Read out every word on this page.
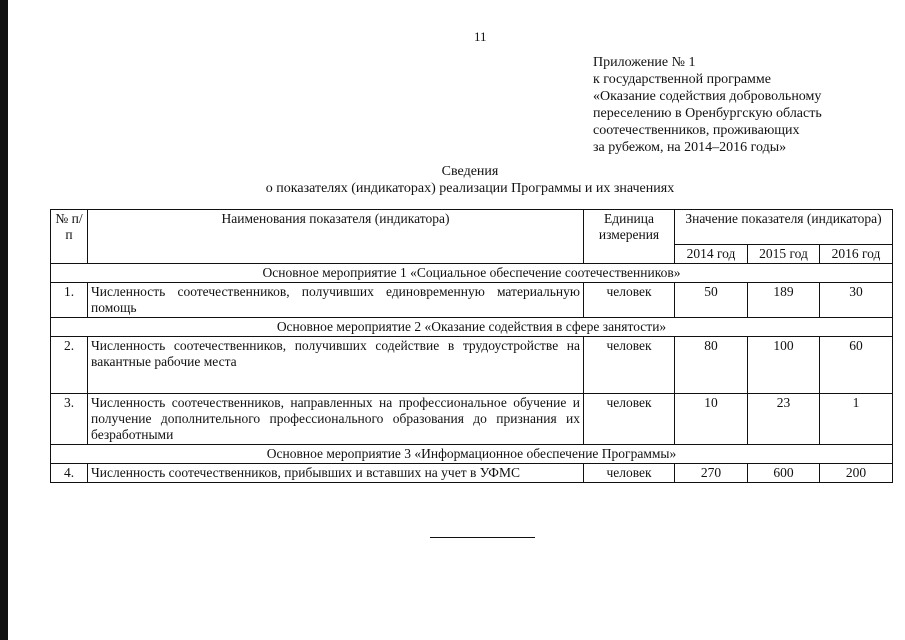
11
Приложение № 1
к государственной программе
«Оказание содействия добровольному
переселению в Оренбургскую область
соотечественников, проживающих
за рубежом, на 2014–2016 годы»
Сведения
о показателях (индикаторах) реализации Программы и их значениях
№ п/п	Наименования показателя (индикатора)	Единица измерения	Значение показателя (индикатора)		
			2014 год	2015 год	2016 год
Основное мероприятие 1 «Социальное обеспечение соотечественников»					
1.	Численность соотечественников, получивших единовременную материальную помощь	человек	50	189	30
Основное мероприятие 2 «Оказание содействия в сфере занятости»					
2.	Численность соотечественников, получивших содействие в трудоустройстве на вакантные рабочие места	человек	80	100	60
3.	Численность соотечественников, направленных на профессиональное обучение и получение дополнительного профессионального образования до признания их безработными	человек	10	23	1
Основное мероприятие 3 «Информационное обеспечение Программы»					
4.	Численность соотечественников, прибывших и вставших на учет в УФМС	человек	270	600	200
